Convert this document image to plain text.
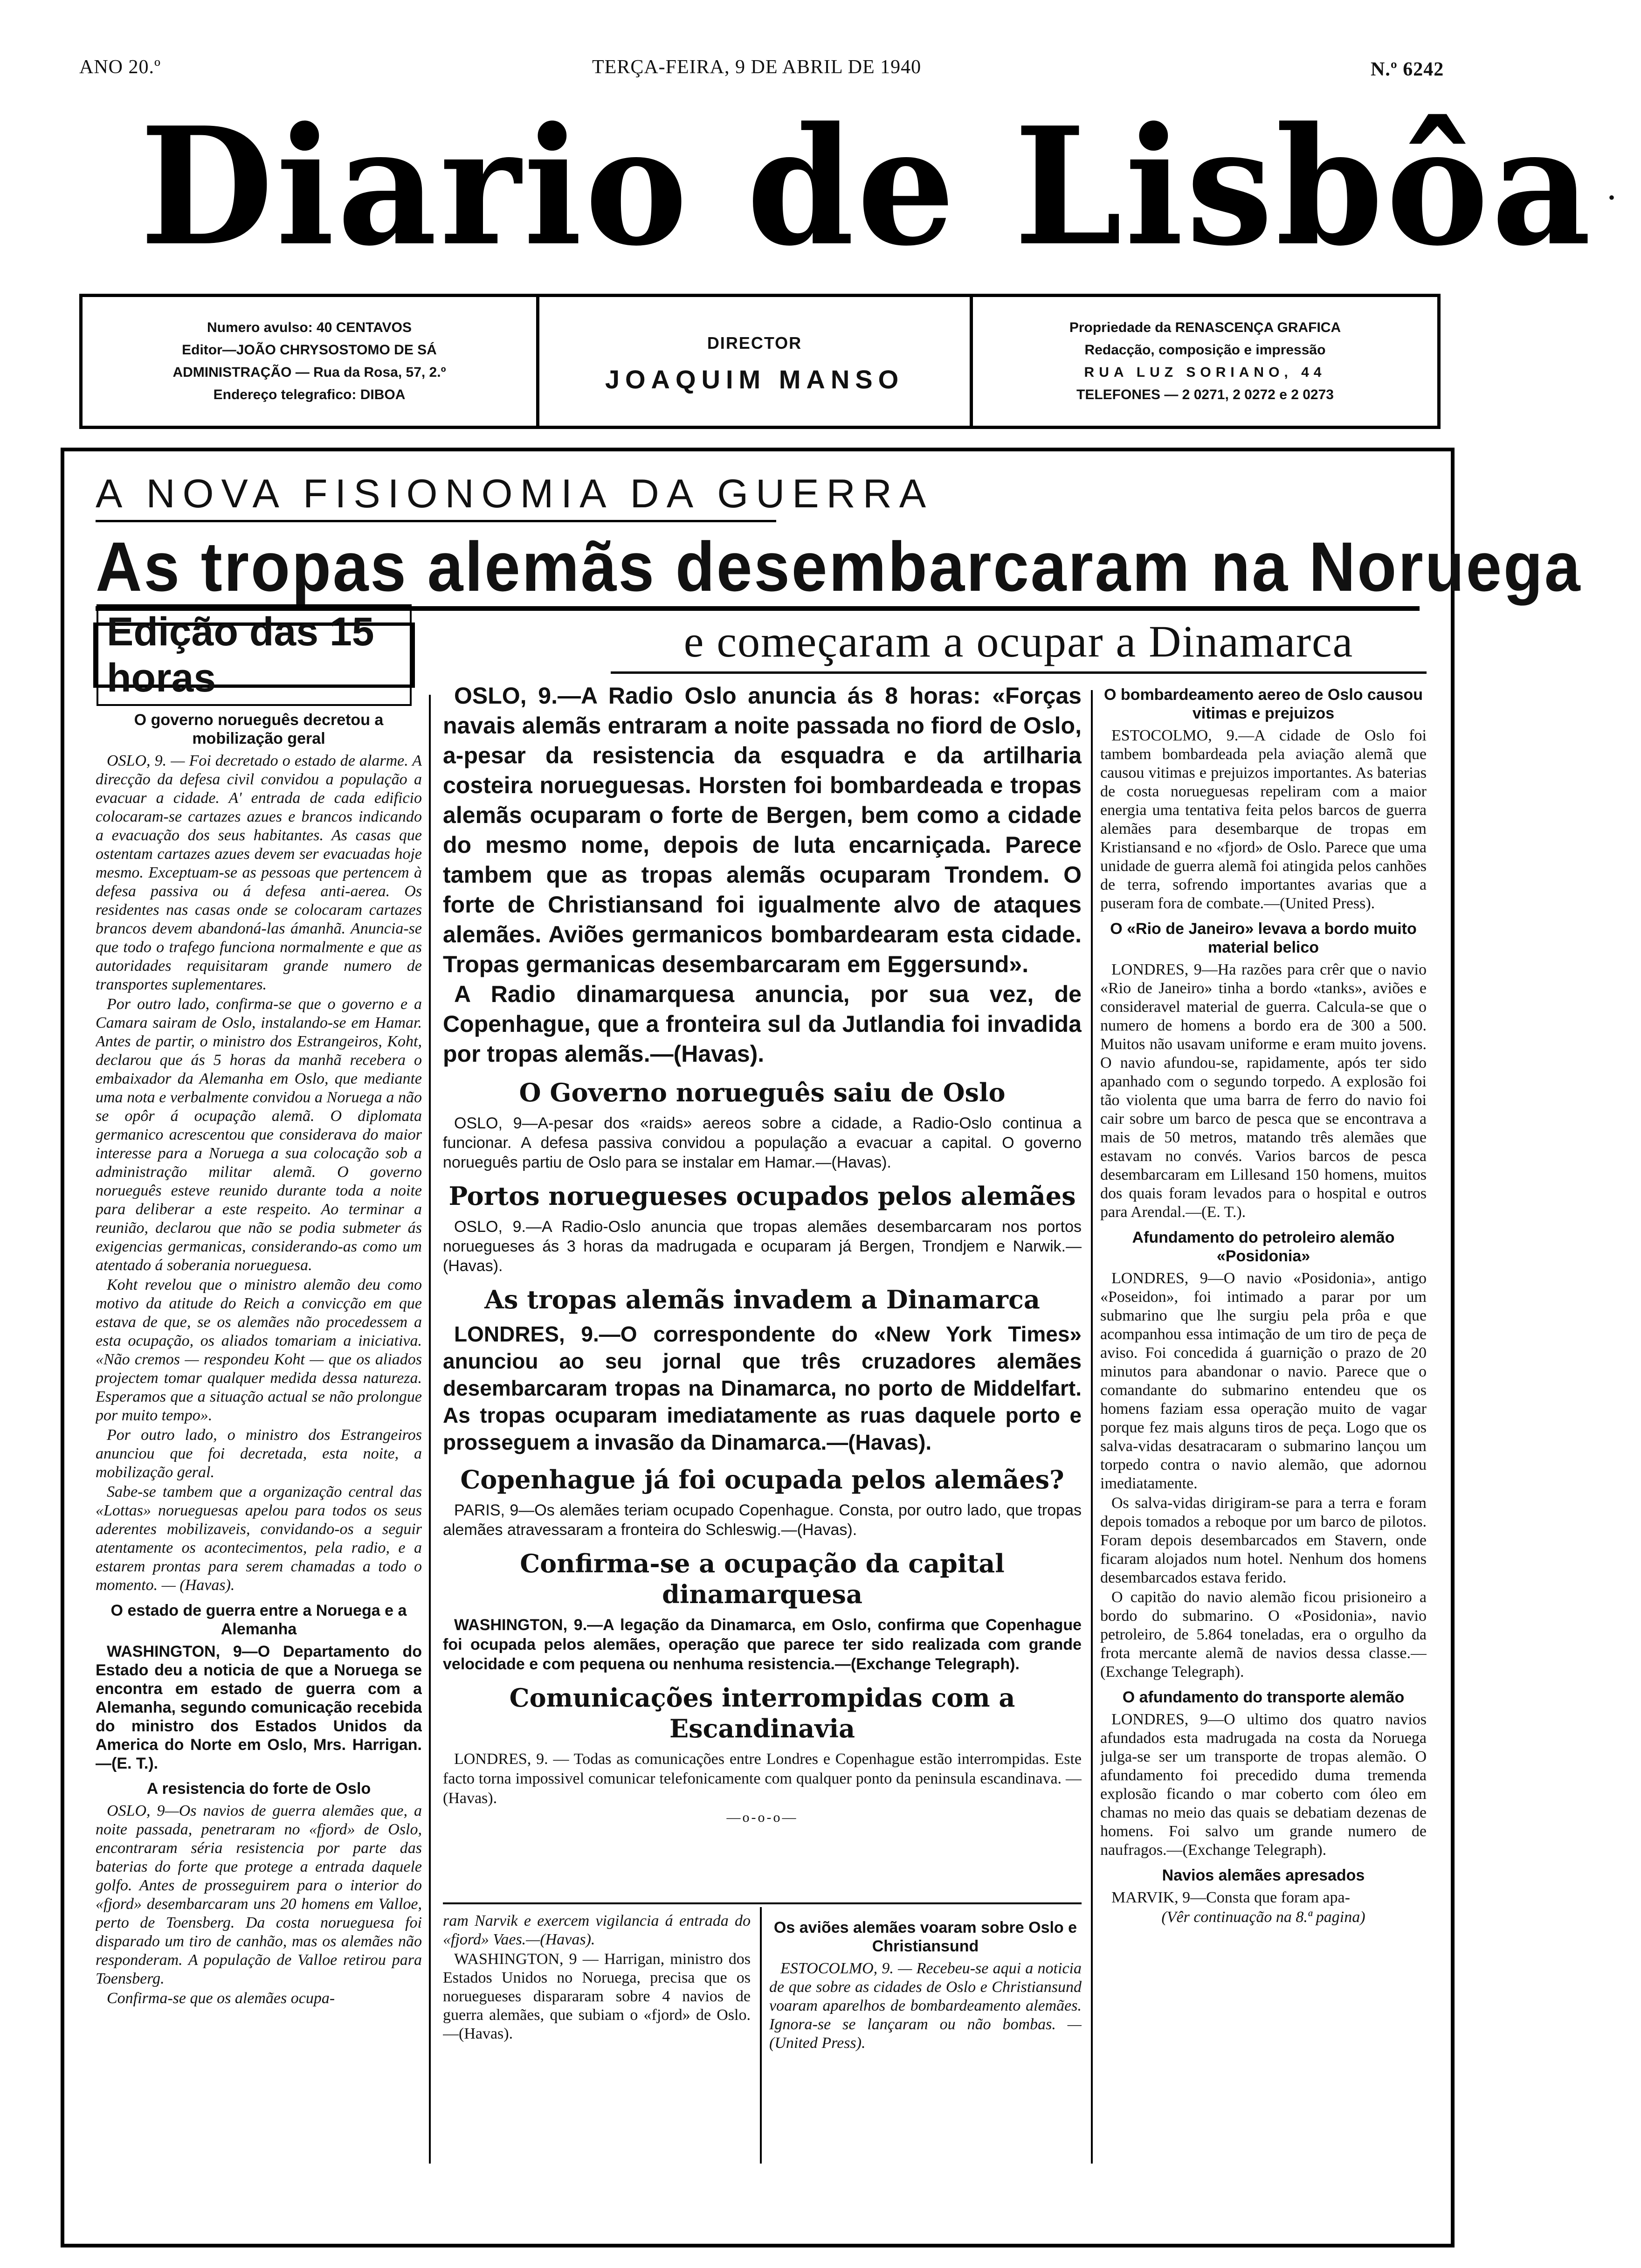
ANO 20.º	TERÇA-FEIRA, 9 DE ABRIL DE 1940	N.º 6242
Diario de Lisbôa •
Numero avulso: 40 CENTAVOS
Editor—JOÃO CHRYSOSTOMO DE SÁ
ADMINISTRAÇÃO — Rua da Rosa, 57, 2.º
Endereço telegrafico: DIBOA
DIRECTOR
JOAQUIM MANSO
Propriedade da RENASCENÇA GRAFICA
Redacção, composição e impressão
RUA LUZ SORIANO, 44
TELEFONES — 2 0271, 2 0272 e 2 0273
A NOVA FISIONOMIA DA GUERRA
As tropas alemãs desembarcaram na Noruega
Edição das 15 horas
e começaram a ocupar a Dinamarca
O governo norueguês decretou a mobilização geral

OSLO, 9. — Foi decretado o estado de alarme. A direcção da defesa civil convidou a população a evacuar a cidade. A' entrada de cada edificio colocaram-se cartazes azues e brancos indicando a evacuação dos seus habitantes. As casas que ostentam cartazes azues devem ser evacuadas hoje mesmo. Exceptuam-se as pessoas que pertencem à defesa passiva ou á defesa anti-aerea. Os residentes nas casas onde se colocaram cartazes brancos devem abandoná-las ámanhã. Anuncia-se que todo o trafego funciona normalmente e que as autoridades requisitaram grande numero de transportes suplementares.

Por outro lado, confirma-se que o governo e a Camara sairam de Oslo, instalando-se em Hamar. Antes de partir, o ministro dos Estrangeiros, Koht, declarou que ás 5 horas da manhã recebera o embaixador da Alemanha em Oslo, que mediante uma nota e verbalmente convidou a Noruega a não se opôr á ocupação alemã. O diplomata germanico acrescentou que considerava do maior interesse para a Noruega a sua colocação sob a administração militar alemã. O governo norueguês esteve reunido durante toda a noite para deliberar a este respeito. Ao terminar a reunião, declarou que não se podia submeter ás exigencias germanicas, considerando-as como um atentado á soberania norueguesa.

Koht revelou que o ministro alemão deu como motivo da atitude do Reich a convicção em que estava de que, se os alemães não procedessem a esta ocupação, os aliados tomariam a iniciativa. «Não cremos — respondeu Koht — que os aliados projectem tomar qualquer medida dessa natureza. Esperamos que a situação actual se não prolongue por muito tempo».

Por outro lado, o ministro dos Estrangeiros anunciou que foi decretada, esta noite, a mobilização geral.

Sabe-se tambem que a organização central das «Lottas» norueguesas apelou para todos os seus aderentes mobilizaveis, convidando-os a seguir atentamente os acontecimentos, pela radio, e a estarem prontas para serem chamadas a todo o momento. — (Havas).

O estado de guerra entre a Noruega e a Alemanha

WASHINGTON, 9—O Departamento do Estado deu a noticia de que a Noruega se encontra em estado de guerra com a Alemanha, segundo comunicação recebida do ministro dos Estados Unidos da America do Norte em Oslo, Mrs. Harrigan.—(E. T.).

A resistencia do forte de Oslo

OSLO, 9—Os navios de guerra alemães que, a noite passada, penetraram no «fjord» de Oslo, encontraram séria resistencia por parte das baterias do forte que protege a entrada daquele golfo. Antes de prosseguirem para o interior do «fjord» desembarcaram uns 20 homens em Valloe, perto de Toensberg. Da costa norueguesa foi disparado um tiro de canhão, mas os alemães não responderam. A população de Valloe retirou para Toensberg.

Confirma-se que os alemães ocupa-

OSLO, 9.—A Radio Oslo anuncia ás 8 horas: «Forças navais alemãs entraram a noite passada no fiord de Oslo, a-pesar da resistencia da esquadra e da artilharia costeira norueguesas. Horsten foi bombardeada e tropas alemãs ocuparam o forte de Bergen, bem como a cidade do mesmo nome, depois de luta encarniçada. Parece tambem que as tropas alemãs ocuparam Trondem. O forte de Christiansand foi igualmente alvo de ataques alemães. Aviões germanicos bombardearam esta cidade. Tropas germanicas desembarcaram em Eggersund».
A Radio dinamarquesa anuncia, por sua vez, de Copenhague, que a fronteira sul da Jutlandia foi invadida por tropas alemãs.—(Havas).
O Governo norueguês saiu de Oslo
OSLO, 9—A-pesar dos «raids» aereos sobre a cidade, a Radio-Oslo continua a funcionar. A defesa passiva convidou a população a evacuar a capital. O governo norueguês partiu de Oslo para se instalar em Hamar.—(Havas).
Portos noruegueses ocupados pelos alemães
OSLO, 9.—A Radio-Oslo anuncia que tropas alemães desembarcaram nos portos noruegueses ás 3 horas da madrugada e ocuparam já Bergen, Trondjem e Narwik.—(Havas).
As tropas alemãs invadem a Dinamarca
LONDRES, 9.—O correspondente do «New York Times» anunciou ao seu jornal que três cruzadores alemães desembarcaram tropas na Dinamarca, no porto de Middelfart. As tropas ocuparam imediatamente as ruas daquele porto e prosseguem a invasão da Dinamarca.—(Havas).
Copenhague já foi ocupada pelos alemães?
PARIS, 9—Os alemães teriam ocupado Copenhague. Consta, por outro lado, que tropas alemães atravessaram a fronteira do Schleswig.—(Havas).
Confirma-se a ocupação da capital dinamarquesa
WASHINGTON, 9.—A legação da Dinamarca, em Oslo, confirma que Copenhague foi ocupada pelos alemães, operação que parece ter sido realizada com grande velocidade e com pequena ou nenhuma resistencia.—(Exchange Telegraph).
Comunicações interrompidas com a Escandinavia
LONDRES, 9. — Todas as comunicações entre Londres e Copenhague estão interrompidas. Este facto torna impossivel comunicar telefonicamente com qualquer ponto da peninsula escandinava. — (Havas).
—o-o-o—

ram Narvik e exercem vigilancia á entrada do «fjord» Vaes.—(Havas).

WASHINGTON, 9 — Harrigan, ministro dos Estados Unidos no Noruega, precisa que os noruegueses dispararam sobre 4 navios de guerra alemães, que subiam o «fjord» de Oslo. —(Havas).

Os aviões alemães voaram sobre Oslo e Christiansund

ESTOCOLMO, 9. — Recebeu-se aqui a noticia de que sobre as cidades de Oslo e Christiansund voaram aparelhos de bombardeamento alemães. Ignora-se se lançaram ou não bombas. — (United Press).

O bombardeamento aereo de Oslo causou vitimas e prejuizos

ESTOCOLMO, 9.—A cidade de Oslo foi tambem bombardeada pela aviação alemã que causou vitimas e prejuizos importantes. As baterias de costa norueguesas repeliram com a maior energia uma tentativa feita pelos barcos de guerra alemães para desembarque de tropas em Kristiansand e no «fjord» de Oslo. Parece que uma unidade de guerra alemã foi atingida pelos canhões de terra, sofrendo importantes avarias que a puseram fora de combate.—(United Press).

O «Rio de Janeiro» levava a bordo muito material belico

LONDRES, 9—Ha razões para crêr que o navio «Rio de Janeiro» tinha a bordo «tanks», aviões e consideravel material de guerra. Calcula-se que o numero de homens a bordo era de 300 a 500. Muitos não usavam uniforme e eram muito jovens. O navio afundou-se, rapidamente, após ter sido apanhado com o segundo torpedo. A explosão foi tão violenta que uma barra de ferro do navio foi cair sobre um barco de pesca que se encontrava a mais de 50 metros, matando três alemães que estavam no convés. Varios barcos de pesca desembarcaram em Lillesand 150 homens, muitos dos quais foram levados para o hospital e outros para Arendal.—(E. T.).

Afundamento do petroleiro alemão «Posidonia»

LONDRES, 9—O navio «Posidonia», antigo «Poseidon», foi intimado a parar por um submarino que lhe surgiu pela prôa e que acompanhou essa intimação de um tiro de peça de aviso. Foi concedida á guarnição o prazo de 20 minutos para abandonar o navio. Parece que o comandante do submarino entendeu que os homens faziam essa operação muito de vagar porque fez mais alguns tiros de peça. Logo que os salva-vidas desatracaram o submarino lançou um torpedo contra o navio alemão, que adornou imediatamente.

Os salva-vidas dirigiram-se para a terra e foram depois tomados a reboque por um barco de pilotos. Foram depois desembarcados em Stavern, onde ficaram alojados num hotel. Nenhum dos homens desembarcados estava ferido.

O capitão do navio alemão ficou prisioneiro a bordo do submarino. O «Posidonia», navio petroleiro, de 5.864 toneladas, era o orgulho da frota mercante alemã de navios dessa classe.—(Exchange Telegraph).

O afundamento do transporte alemão

LONDRES, 9—O ultimo dos quatro navios afundados esta madrugada na costa da Noruega julga-se ser um transporte de tropas alemão. O afundamento foi precedido duma tremenda explosão ficando o mar coberto com óleo em chamas no meio das quais se debatiam dezenas de homens. Foi salvo um grande numero de naufragos.—(Exchange Telegraph).

Navios alemães apresados

MARVIK, 9—Consta que foram apa-

(Vêr continuação na 8.ª pagina)
